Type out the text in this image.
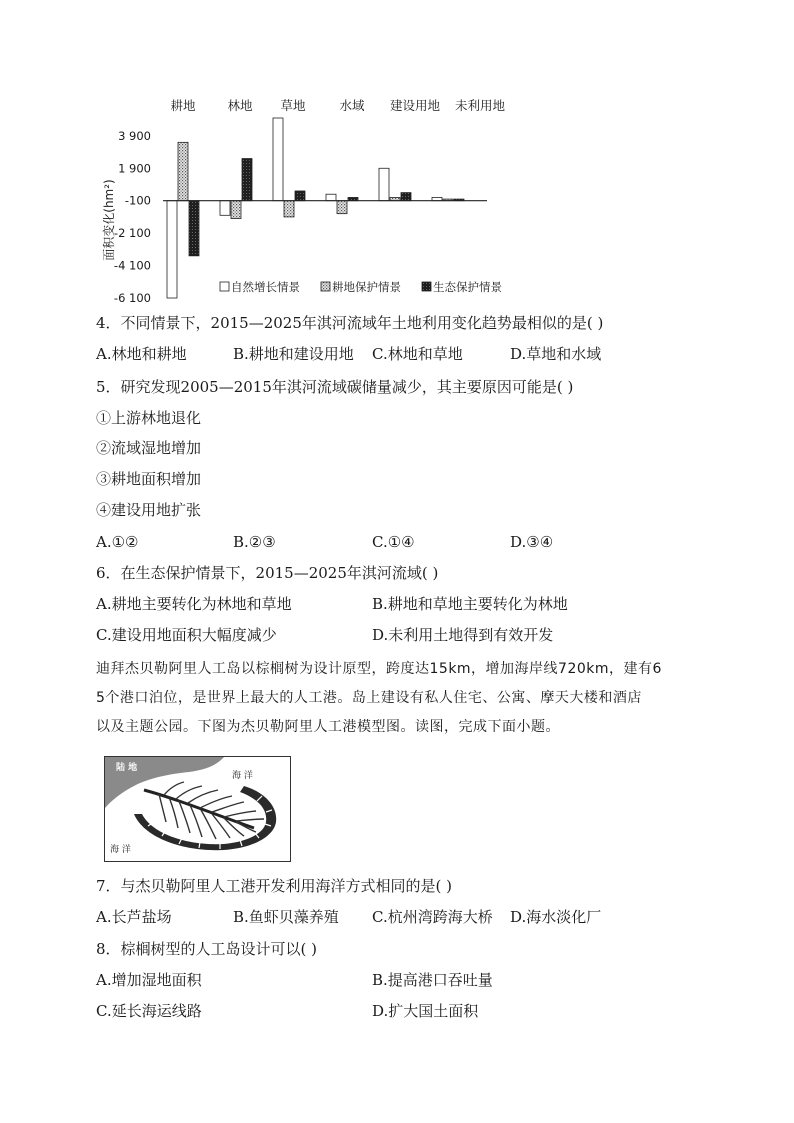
面积变化(hm²)
耕地	林地 草地	水域 建设用地 未利用地
3 900
1 900
-100
-2 100
-4 100
-6 100
自然增长情景	耕地保护情景	生态保护情景
4．不同情景下，2015—2025年淇河流域年土地利用变化趋势最相似的是( )
A.林地和耕地	B.耕地和建设用地 C.林地和草地	D.草地和水域
5．研究发现2005—2015年淇河流域碳储量减少，其主要原因可能是( )
①上游林地退化
②流域湿地增加
③耕地面积增加
④建设用地扩张
A.①②	B.②③	C.①④	D.③④
6．在生态保护情景下，2015—2025年淇河流域( )
A.耕地主要转化为林地和草地	B.耕地和草地主要转化为林地
C.建设用地面积大幅度减少	D.未利用土地得到有效开发
迪拜杰贝勒阿里人工岛以棕榈树为设计原型，跨度达15km，增加海岸线720km，建有6
5个港口泊位，是世界上最大的人工港。岛上建设有私人住宅、公寓、摩天大楼和酒店
以及主题公园。下图为杰贝勒阿里人工港模型图。读图，完成下面小题。
陆 地
海 洋
海 洋
7．与杰贝勒阿里人工港开发利用海洋方式相同的是( )
A.长芦盐场	B.鱼虾贝藻养殖 C.杭州湾跨海大桥 D.海水淡化厂
8．棕榈树型的人工岛设计可以( )
A.增加湿地面积	B.提高港口吞吐量
C.延长海运线路	D.扩大国土面积
